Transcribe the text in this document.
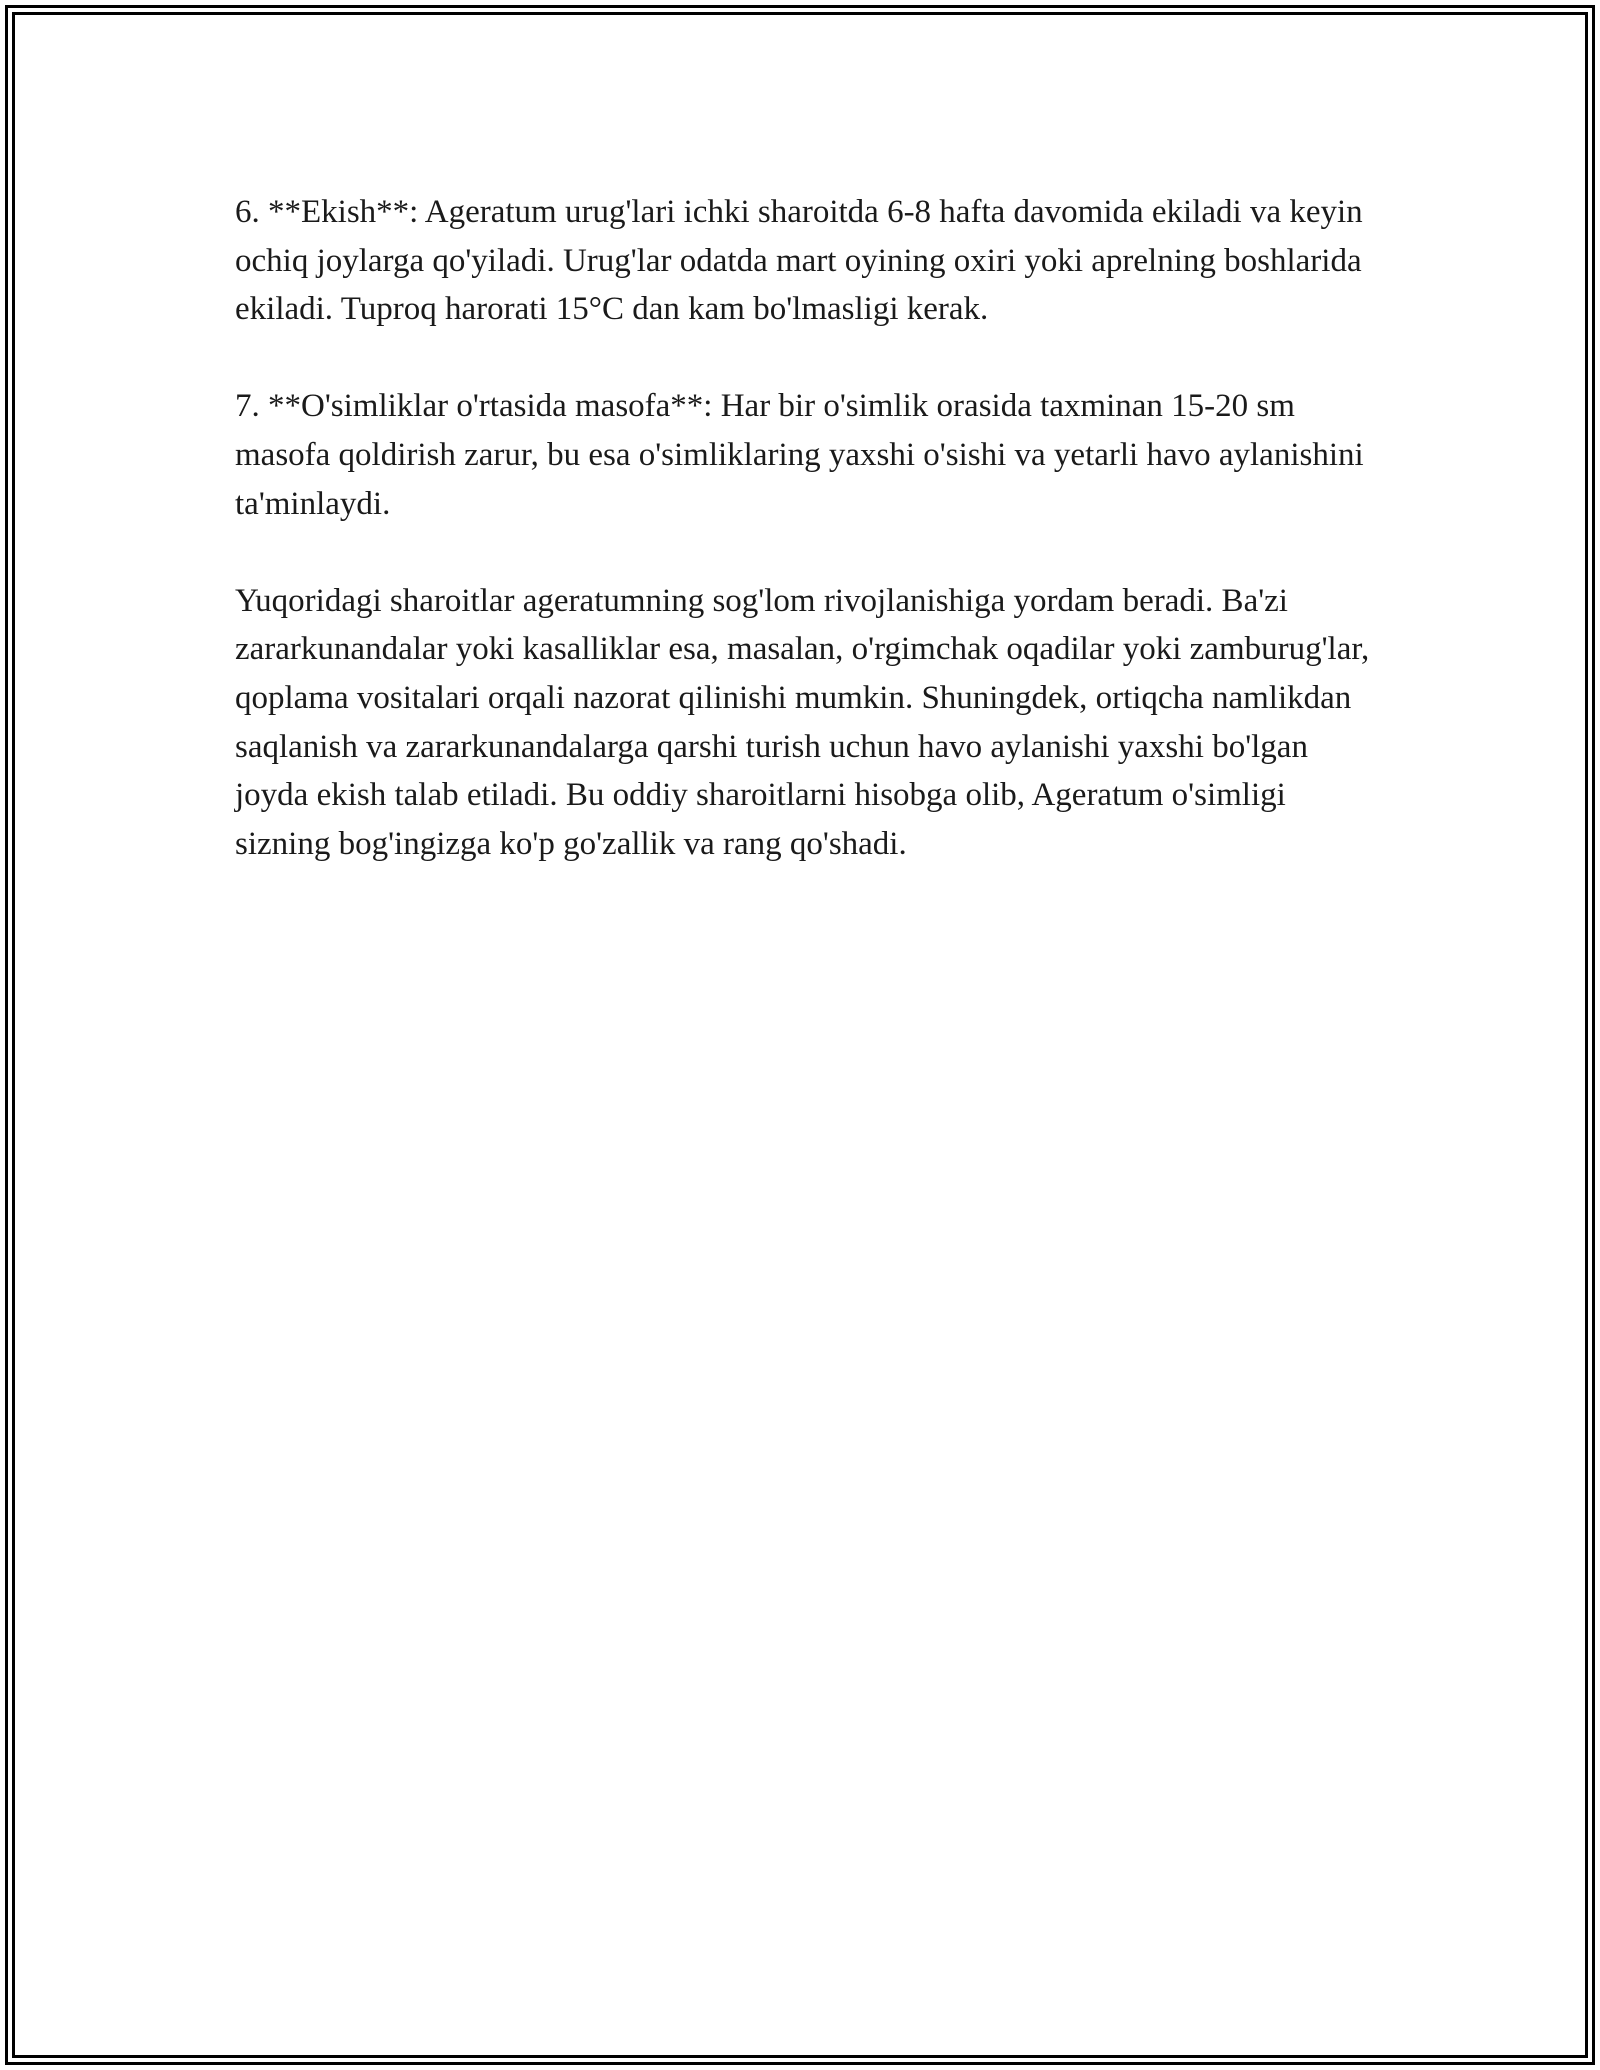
6. **Ekish**: Ageratum urug'lari ichki sharoitda 6-8 hafta davomida ekiladi va keyin ochiq joylarga qo'yiladi. Urug'lar odatda mart oyining oxiri yoki aprelning boshlarida ekiladi. Tuproq harorati 15°C dan kam bo'lmasligi kerak.

7. **O'simliklar o'rtasida masofa**: Har bir o'simlik orasida taxminan 15-20 sm masofa qoldirish zarur, bu esa o'simliklaring yaxshi o'sishi va yetarli havo aylanishini ta'minlaydi.

Yuqoridagi sharoitlar ageratumning sog'lom rivojlanishiga yordam beradi. Ba'zi zararkunandalar yoki kasalliklar esa, masalan, o'rgimchak oqadilar yoki zamburug'lar, qoplama vositalari orqali nazorat qilinishi mumkin. Shuningdek, ortiqcha namlikdan saqlanish va zararkunandalarga qarshi turish uchun havo aylanishi yaxshi bo'lgan joyda ekish talab etiladi. Bu oddiy sharoitlarni hisobga olib, Ageratum o'simligi sizning bog'ingizga ko'p go'zallik va rang qo'shadi.
